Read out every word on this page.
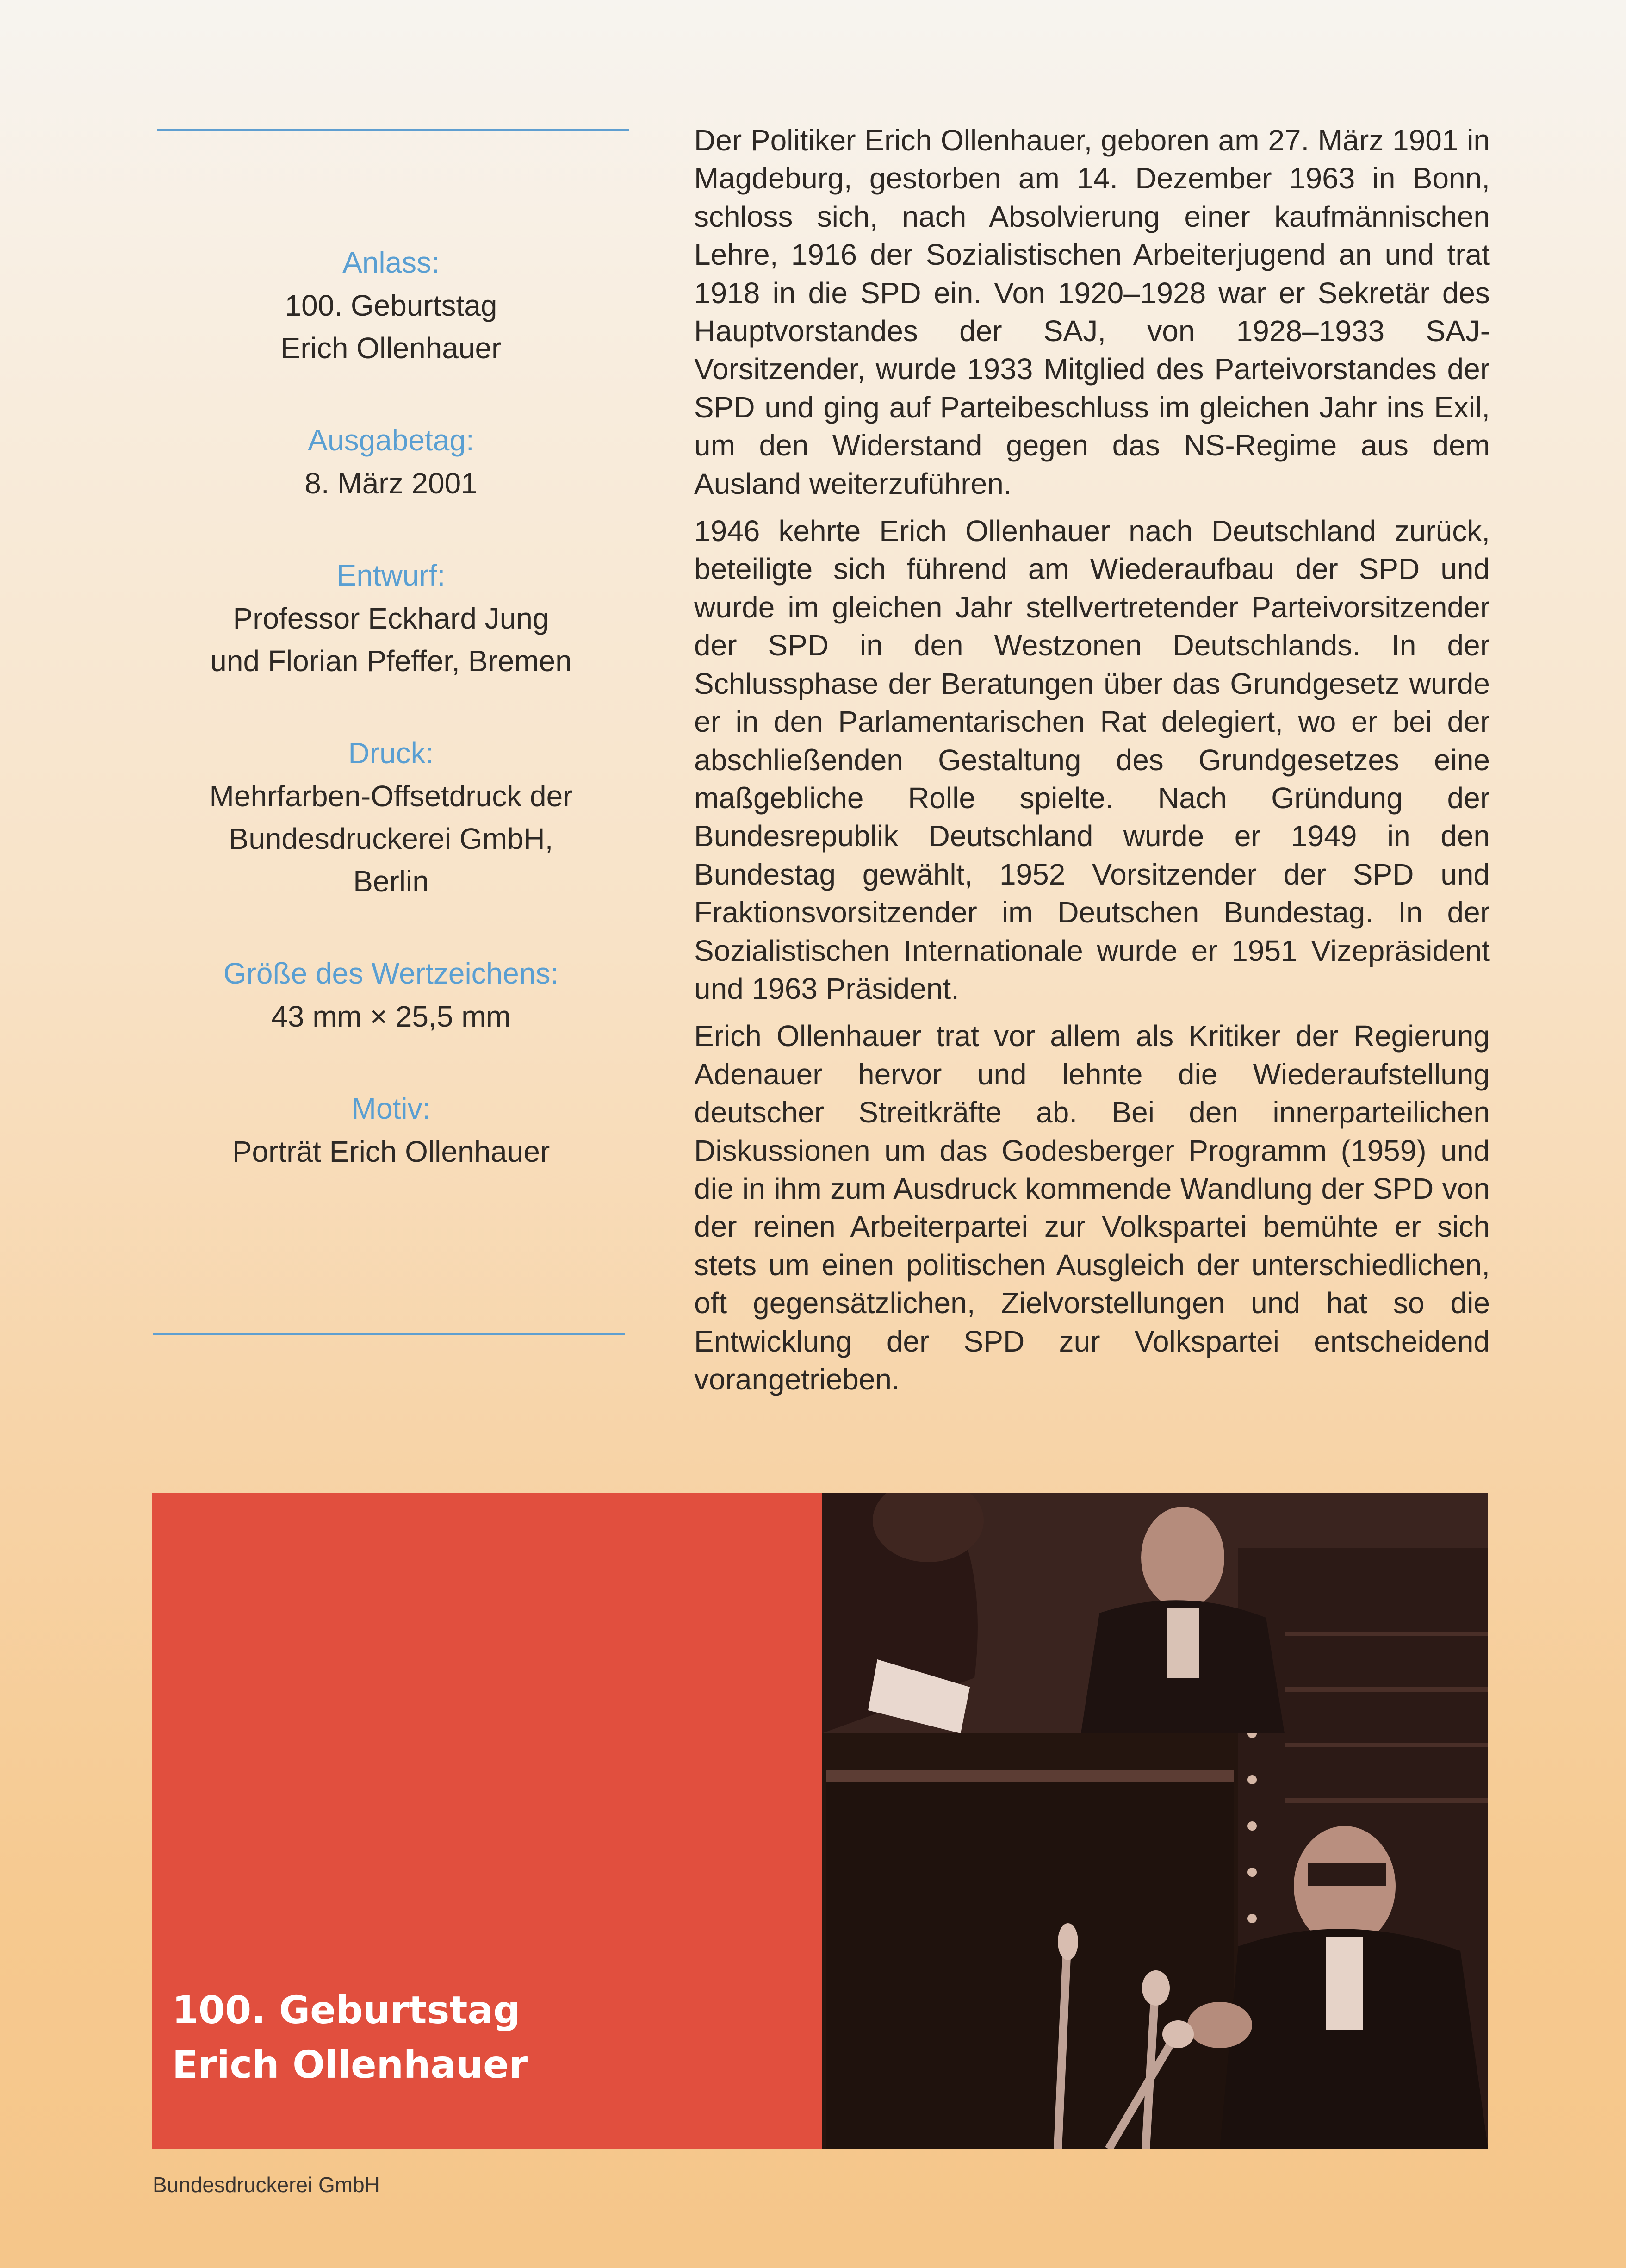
Anlass:
100. Geburtstag
Erich Ollenhauer
Ausgabetag:
8. März 2001
Entwurf:
Professor Eckhard Jung
und Florian Pfeffer, Bremen
Druck:
Mehrfarben-Offsetdruck der
Bundesdruckerei GmbH,
Berlin
Größe des Wertzeichens:
43 mm × 25,5 mm
Motiv:
Porträt Erich Ollenhauer

Der Politiker Erich Ollenhauer, geboren am 27. März 1901 in Magdeburg, gestorben am 14. Dezember 1963 in Bonn, schloss sich, nach Absolvierung einer kaufmännischen Lehre, 1916 der Sozialistischen Arbeiterjugend an und trat 1918 in die SPD ein. Von 1920–1928 war er Sekretär des Hauptvorstandes der SAJ, von 1928–1933 SAJ-Vorsitzender, wurde 1933 Mitglied des Parteivorstandes der SPD und ging auf Parteibeschluss im gleichen Jahr ins Exil, um den Widerstand gegen das NS-Regime aus dem Ausland weiterzuführen.

1946 kehrte Erich Ollenhauer nach Deutschland zurück, beteiligte sich führend am Wiederaufbau der SPD und wurde im gleichen Jahr stellvertretender Parteivorsitzender der SPD in den Westzonen Deutschlands. In der Schlussphase der Beratungen über das Grundgesetz wurde er in den Parlamentarischen Rat delegiert, wo er bei der abschließenden Gestaltung des Grundgesetzes eine maßgebliche Rolle spielte. Nach Gründung der Bundesrepublik Deutschland wurde er 1949 in den Bundestag gewählt, 1952 Vorsitzender der SPD und Fraktionsvorsitzender im Deutschen Bundestag. In der Sozialistischen Internationale wurde er 1951 Vizepräsident und 1963 Präsident.

Erich Ollenhauer trat vor allem als Kritiker der Regierung Adenauer hervor und lehnte die Wiederaufstellung deutscher Streitkräfte ab. Bei den innerparteilichen Diskussionen um das Godesberger Programm (1959) und die in ihm zum Ausdruck kommende Wandlung der SPD von der reinen Arbeiterpartei zur Volkspartei bemühte er sich stets um einen politischen Ausgleich der unterschiedlichen, oft gegensätzlichen, Zielvorstellungen und hat so die Entwicklung der SPD zur Volkspartei entscheidend vorangetrieben.

100. Geburtstag
Erich Ollenhauer
Bundesdruckerei GmbH
